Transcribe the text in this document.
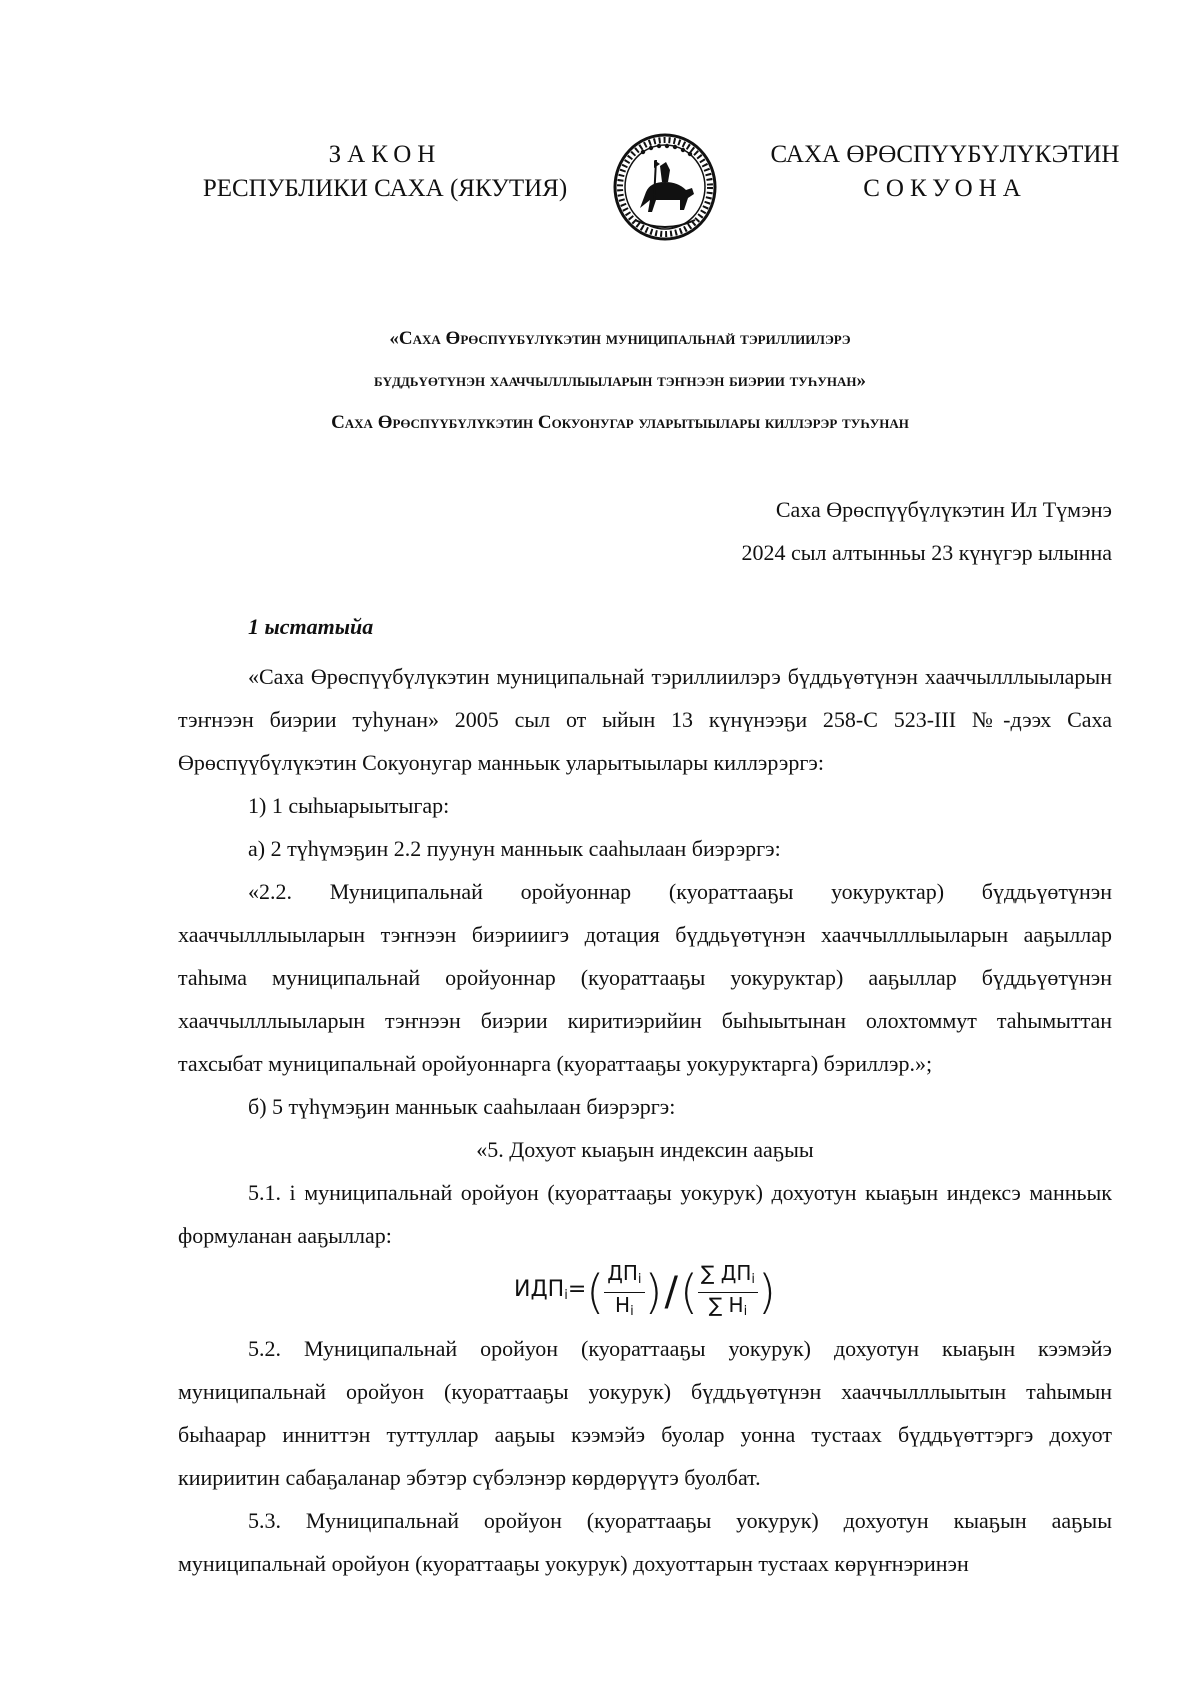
ЗАКОН
РЕСПУБЛИКИ САХА (ЯКУТИЯ)
САХА ӨРӨСПҮҮБҮЛҮКЭТИН
СОКУОНА
«Саха Өрөспүүбүлүкэтин муниципальнай тэриллиилэрэ
бүддьүөтүнэн хааччылллыыларын тэҥнээн биэрии туһунан»
Саха Өрөспүүбүлүкэтин Сокуонугар уларытыылары киллэрэр туһунан
Саха Өрөспүүбүлүкэтин Ил Түмэнэ
2024 сыл алтынньы 23 күнүгэр ылынна
1 ыстатыйа

«Саха Өрөспүүбүлүкэтин муниципальнай тэриллиилэрэ бүддьүөтүнэн хааччылллыыларын тэҥнээн биэрии туһунан» 2005 сыл от ыйын 13 күнүнээҕи 258-С 523-III №-дээх Саха Өрөспүүбүлүкэтин Сокуонугар манньык уларытыылары киллэрэргэ:

1) 1 сыһыарыытыгар:

а) 2 түһүмэҕин 2.2 пуунун манньык сааһылаан биэрэргэ:

«2.2. Муниципальнай оройуоннар (куораттааҕы уокуруктар) бүддьүөтүнэн хааччылллыыларын тэҥнээн биэрииигэ дотация бүддьүөтүнэн хааччылллыыларын ааҕыллар таһыма муниципальнай оройуоннар (куораттааҕы уокуруктар) ааҕыллар бүддьүөтүнэн хааччылллыыларын тэҥнээн биэрии киритиэрийин быһыытынан олохтоммут таһымыттан тахсыбат муниципальнай оройуоннарга (куораттааҕы уокуруктарга) бэриллэр.»;

б) 5 түһүмэҕин манньык сааһылаан биэрэргэ:

«5. Дохуот кыаҕын индексин ааҕыы

5.1. i муниципальнай оройуон (куораттааҕы уокурук) дохуотун кыаҕын индексэ манньык формуланан ааҕыллар:

$ИДП_i=$ ( $\frac{ДП_i}{Н_i}$ ) / ( $\frac{\sum ДП_i}{\sum Н_i}$ )

5.2. Муниципальнай оройуон (куораттааҕы уокурук) дохуотун кыаҕын кээмэйэ муниципальнай оройуон (куораттааҕы уокурук) бүддьүөтүнэн хааччылллыытын таһымын быһаарар инниттэн туттуллар ааҕыы кээмэйэ буолар уонна тустаах бүддьүөттэргэ дохуот киириитин сабаҕаланар эбэтэр сүбэлэнэр көрдөрүүтэ буолбат.

5.3. Муниципальнай оройуон (куораттааҕы уокурук) дохуотун кыаҕын ааҕыы муниципальнай оройуон (куораттааҕы уокурук) дохуоттарын тустаах көрүҥнэринэн
